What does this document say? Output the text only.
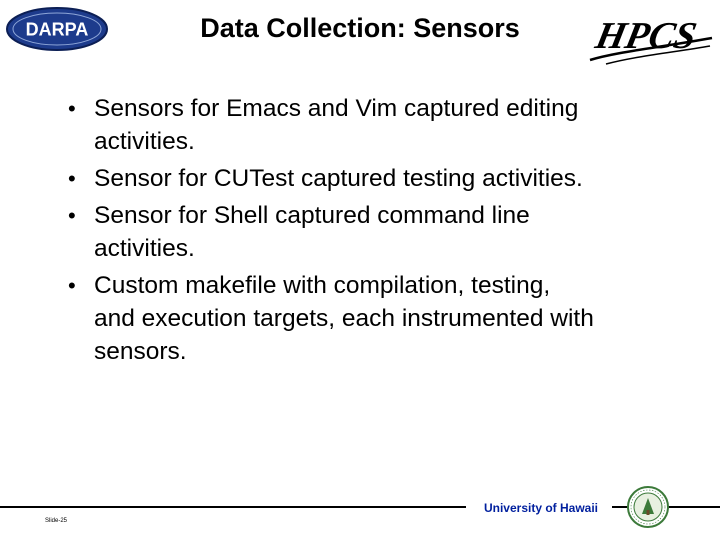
DARPA	Data Collection: Sensors	HPCS
• Sensors for Emacs and Vim captured editing
activities.
• Sensor for CUTest captured testing activities.
• Sensor for Shell captured command line
activities.
• Custom makefile with compilation, testing,
and execution targets, each instrumented with
sensors.
University of Hawaii
Slide-25
